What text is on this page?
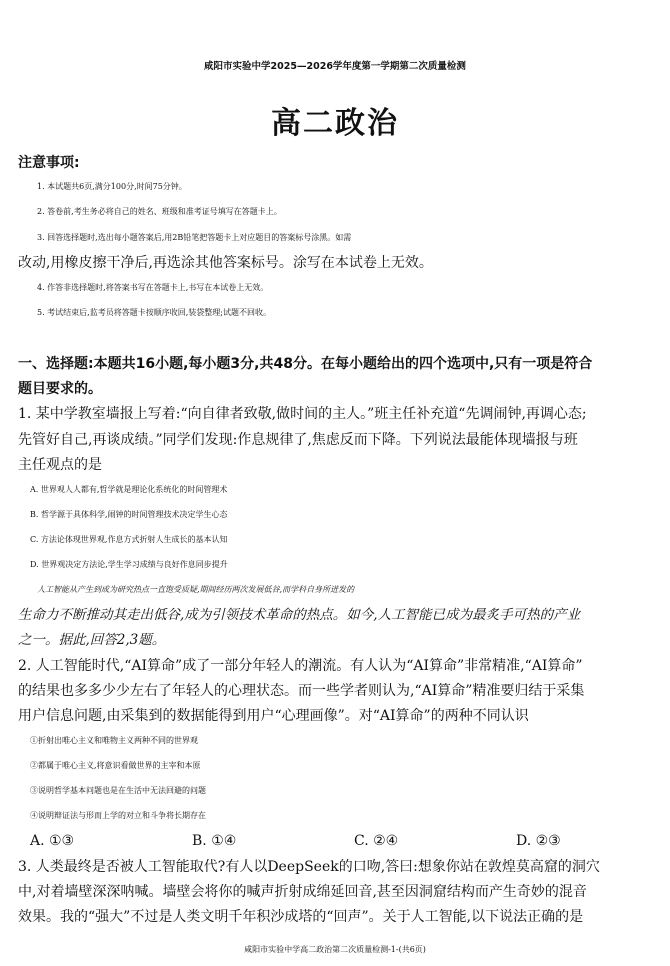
咸阳市实验中学2025—2026学年度第一学期第二次质量检测
高二政治
注意事项:
1. 本试题共6页,满分100分,时间75分钟。
2. 答卷前,考生务必将自己的姓名、班级和准考证号填写在答题卡上。
3. 回答选择题时,选出每小题答案后,用2B铅笔把答题卡上对应题目的答案标号涂黑。如需
改动,用橡皮擦干净后,再选涂其他答案标号。涂写在本试卷上无效。
4. 作答非选择题时,将答案书写在答题卡上,书写在本试卷上无效。
5. 考试结束后,监考员将答题卡按顺序收回,装袋整理;试题不回收。
一、选择题:本题共16小题,每小题3分,共48分。在每小题给出的四个选项中,只有一项是符合
题目要求的。
1. 某中学教室墙报上写着:“向自律者致敬,做时间的主人。”班主任补充道“先调闹钟,再调心态;
先管好自己,再谈成绩。”同学们发现:作息规律了,焦虑反而下降。下列说法最能体现墙报与班
主任观点的是
A. 世界观人人都有,哲学就是理论化系统化的时间管理术
B. 哲学源于具体科学,闹钟的时间管理技术决定学生心态
C. 方法论体现世界观,作息方式折射人生成长的基本认知
D. 世界观决定方法论,学生学习成绩与良好作息同步提升
人工智能从产生到成为研究热点一直饱受质疑,期间经历两次发展低谷,而学科自身所迸发的
生命力不断推动其走出低谷,成为引领技术革命的热点。如今,人工智能已成为最炙手可热的产业
之一。据此,回答2,3题。
2. 人工智能时代,“AI算命”成了一部分年轻人的潮流。有人认为“AI算命”非常精准,“AI算命”
的结果也多多少少左右了年轻人的心理状态。而一些学者则认为,“AI算命”精准要归结于采集
用户信息问题,由采集到的数据能得到用户“心理画像”。对“AI算命”的两种不同认识
①折射出唯心主义和唯物主义两种不同的世界观
②都属于唯心主义,将意识看做世界的主宰和本原
③说明哲学基本问题也是在生活中无法回避的问题
④说明辩证法与形而上学的对立和斗争将长期存在
A. ①③	B. ①④	C. ②④	D. ②③
3. 人类最终是否被人工智能取代?有人以DeepSeek的口吻,答曰:想象你站在敦煌莫高窟的洞穴
中,对着墙壁深深呐喊。墙壁会将你的喊声折射成绵延回音,甚至因洞窟结构而产生奇妙的混音
效果。我的“强大”不过是人类文明千年积沙成塔的“回声”。关于人工智能,以下说法正确的是
咸阳市实验中学高二政治第二次质量检测-1-(共6页)
